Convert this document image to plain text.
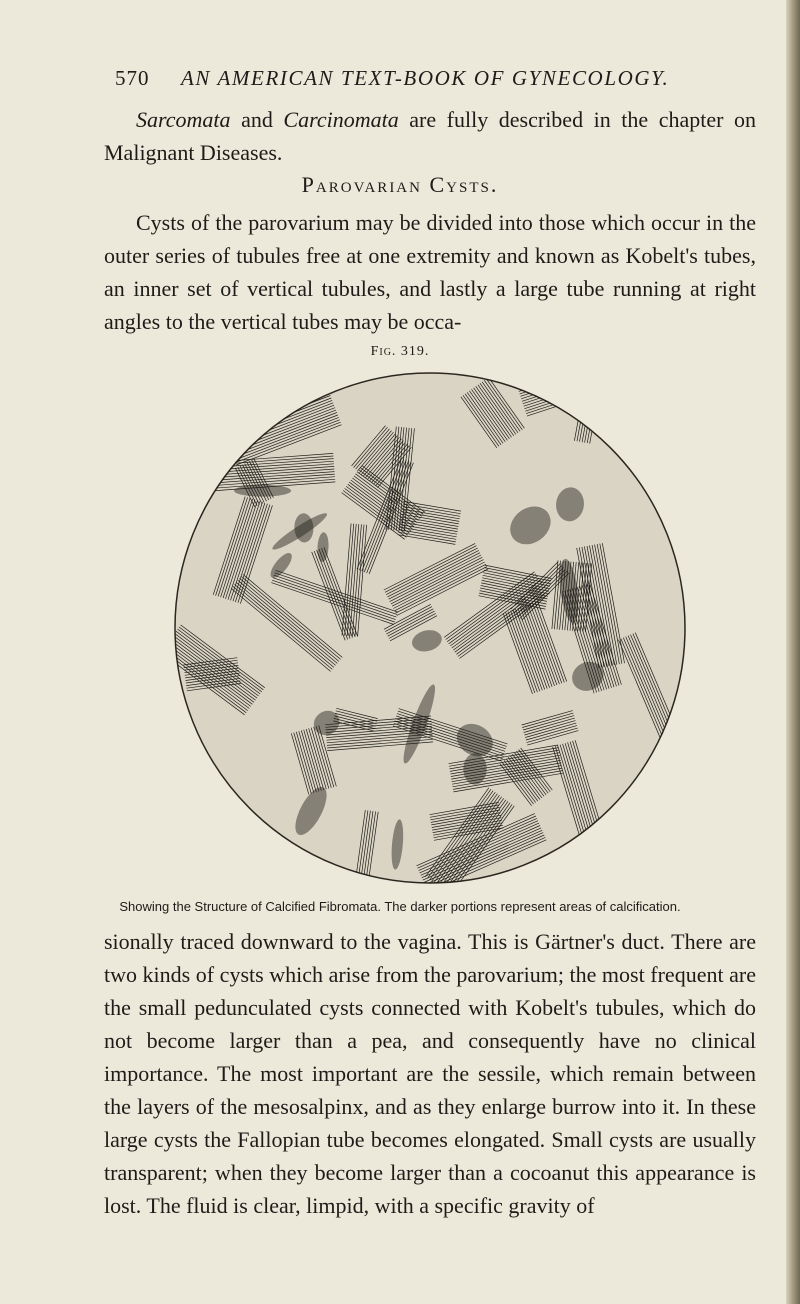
570 AN AMERICAN TEXT-BOOK OF GYNECOLOGY.
Sarcomata and Carcinomata are fully described in the chapter on Malignant Diseases.
Parovarian Cysts.
Cysts of the parovarium may be divided into those which occur in the outer series of tubules free at one extremity and known as Kobelt's tubes, an inner set of vertical tubules, and lastly a large tube running at right angles to the vertical tubes may be occa-
Fig. 319.
Showing the Structure of Calcified Fibromata. The darker portions represent areas of calcification.
sionally traced downward to the vagina. This is Gärtner's duct. There are two kinds of cysts which arise from the parovarium; the most frequent are the small pedunculated cysts connected with Kobelt's tubules, which do not become larger than a pea, and consequently have no clinical importance. The most important are the sessile, which remain between the layers of the mesosalpinx, and as they enlarge burrow into it. In these large cysts the Fallopian tube becomes elongated. Small cysts are usually transparent; when they become larger than a cocoanut this appearance is lost. The fluid is clear, limpid, with a specific gravity of
